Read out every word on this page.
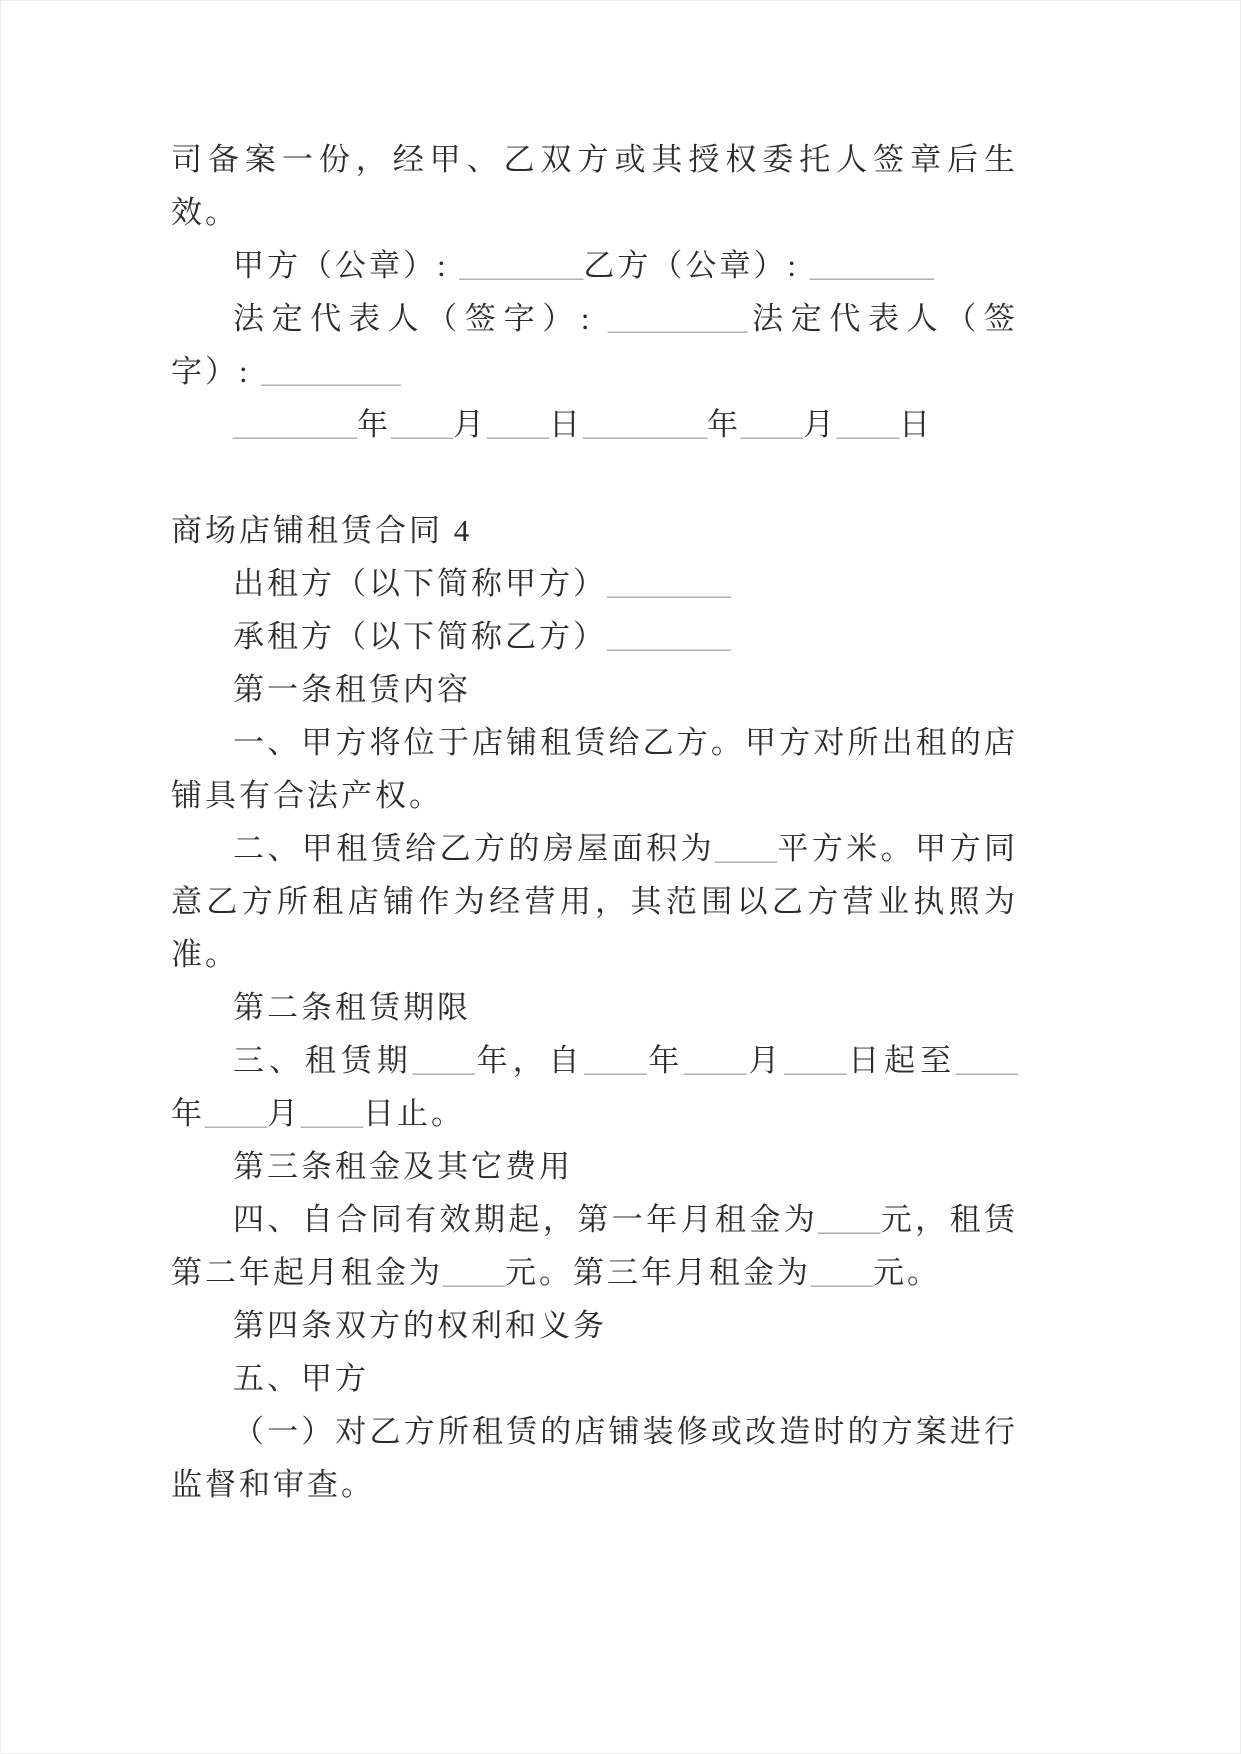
司备案一份，经甲、乙双方或其授权委托人签章后生效。

甲方（公章）: ________乙方（公章）: ________

法定代表人（签字）: _________法定代表人（签字）: _________

________年____月____日________年____月____日

商场店铺租赁合同 4

出租方（以下简称甲方）________

承租方（以下简称乙方）________

第一条租赁内容

一、甲方将位于店铺租赁给乙方。甲方对所出租的店铺具有合法产权。

二、甲租赁给乙方的房屋面积为____平方米。甲方同意乙方所租店铺作为经营用，其范围以乙方营业执照为准。

第二条租赁期限

三、租赁期____年，自____年____月____日起至____年____月____日止。

第三条租金及其它费用

四、自合同有效期起，第一年月租金为____元，租赁第二年起月租金为____元。第三年月租金为____元。

第四条双方的权利和义务

五、甲方

（一）对乙方所租赁的店铺装修或改造时的方案进行监督和审查。
